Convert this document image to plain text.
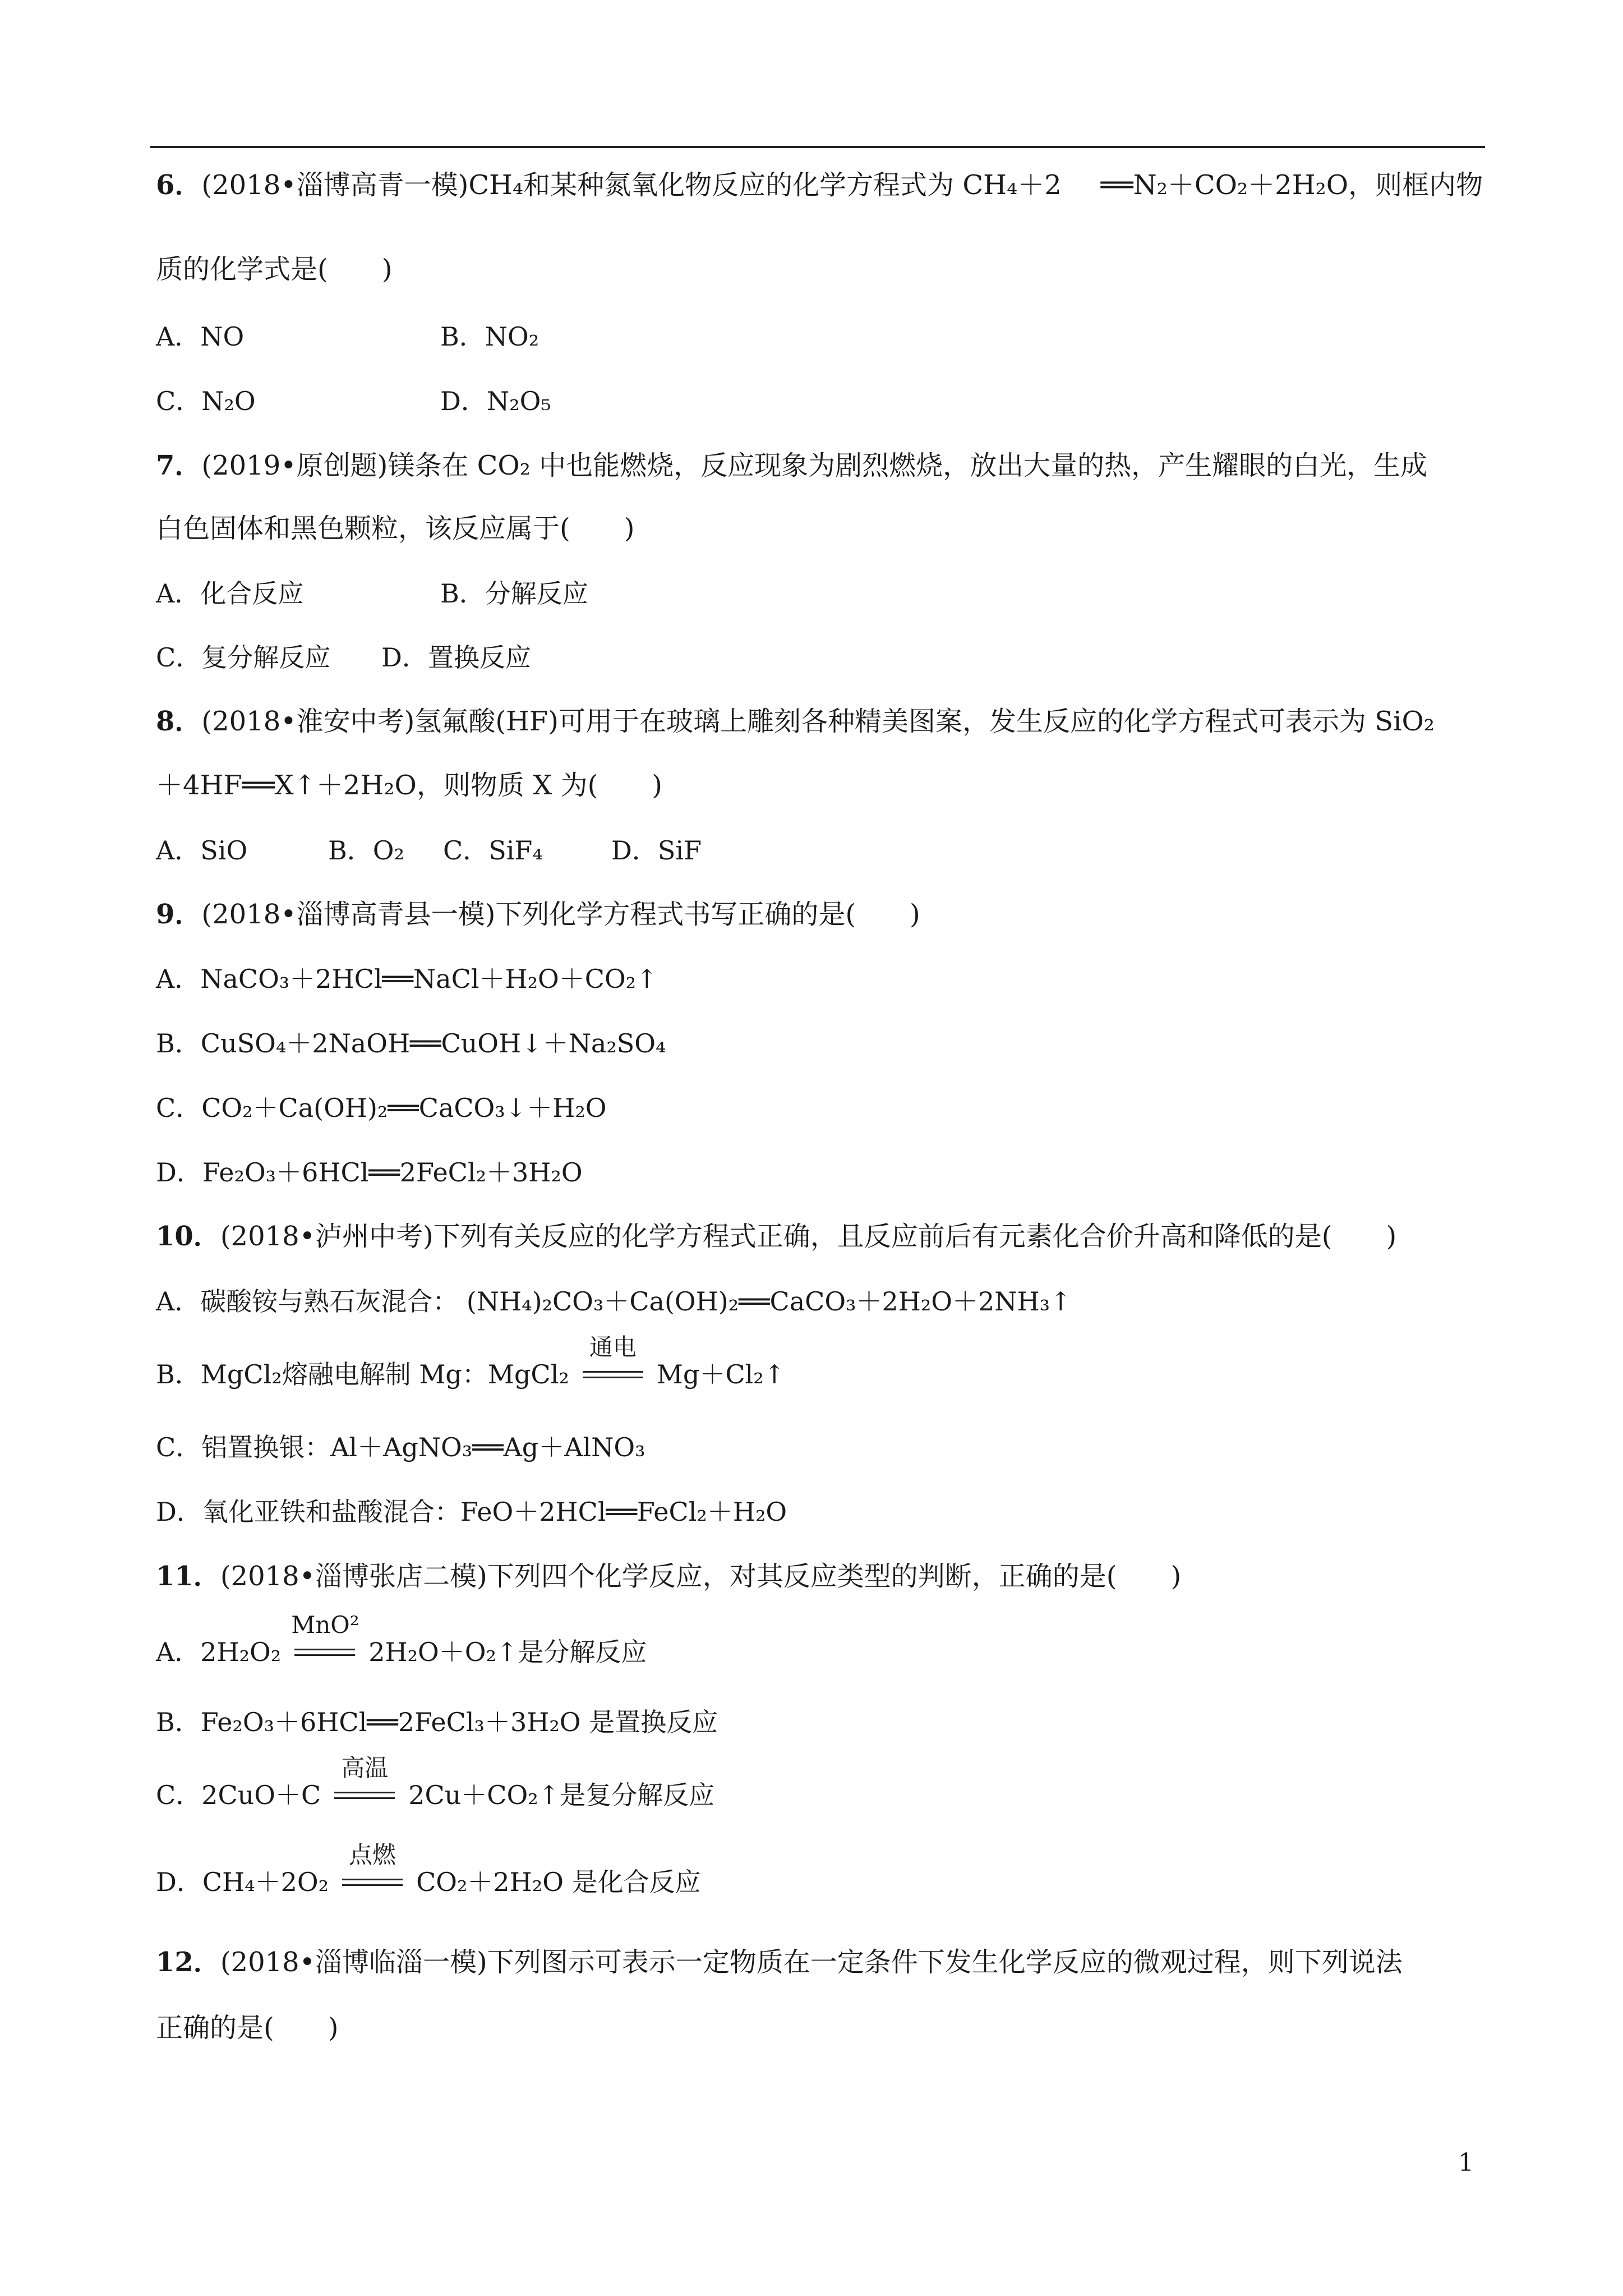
6．(2018•淄博高青一模)CH₄和某种氮氧化物反应的化学方程式为 CH₄＋2 ══N₂＋CO₂＋2H₂O，则框内物
质的化学式是(　　)
A．NO	B．NO₂
C．N₂O	D．N₂O₅
7．(2019•原创题)镁条在 CO₂ 中也能燃烧，反应现象为剧烈燃烧，放出大量的热，产生耀眼的白光，生成
白色固体和黑色颗粒，该反应属于(　　)
A．化合反应	B．分解反应
C．复分解反应 D．置换反应
8．(2018•淮安中考)氢氟酸(HF)可用于在玻璃上雕刻各种精美图案，发生反应的化学方程式可表示为 SiO₂
＋4HF══X↑＋2H₂O，则物质 X 为(　　)
A．SiO	B．O₂ C．SiF₄	D．SiF
9．(2018•淄博高青县一模)下列化学方程式书写正确的是(　　)
A．NaCO₃＋2HCl══NaCl＋H₂O＋CO₂↑
B．CuSO₄＋2NaOH══CuOH↓＋Na₂SO₄
C．CO₂＋Ca(OH)₂══CaCO₃↓＋H₂O
D．Fe₂O₃＋6HCl══2FeCl₂＋3H₂O
10．(2018•泸州中考)下列有关反应的化学方程式正确，且反应前后有元素化合价升高和降低的是(　　)
A．碳酸铵与熟石灰混合： (NH₄)₂CO₃＋Ca(OH)₂══CaCO₃＋2H₂O＋2NH₃↑
B．MgCl₂熔融电解制 Mg：MgCl₂
通电
Mg＋Cl₂↑
C．铝置换银：Al＋AgNO₃══Ag＋AlNO₃
D．氧化亚铁和盐酸混合：FeO＋2HCl══FeCl₂＋H₂O
11．(2018•淄博张店二模)下列四个化学反应，对其反应类型的判断，正确的是(　　)
A．2H₂O₂
MnO²
2H₂O＋O₂↑是分解反应
B．Fe₂O₃＋6HCl══2FeCl₃＋3H₂O 是置换反应
C．2CuO＋C
高温
2Cu＋CO₂↑是复分解反应
D．CH₄＋2O₂
点燃
CO₂＋2H₂O 是化合反应
12．(2018•淄博临淄一模)下列图示可表示一定物质在一定条件下发生化学反应的微观过程，则下列说法
正确的是(　　)
1
